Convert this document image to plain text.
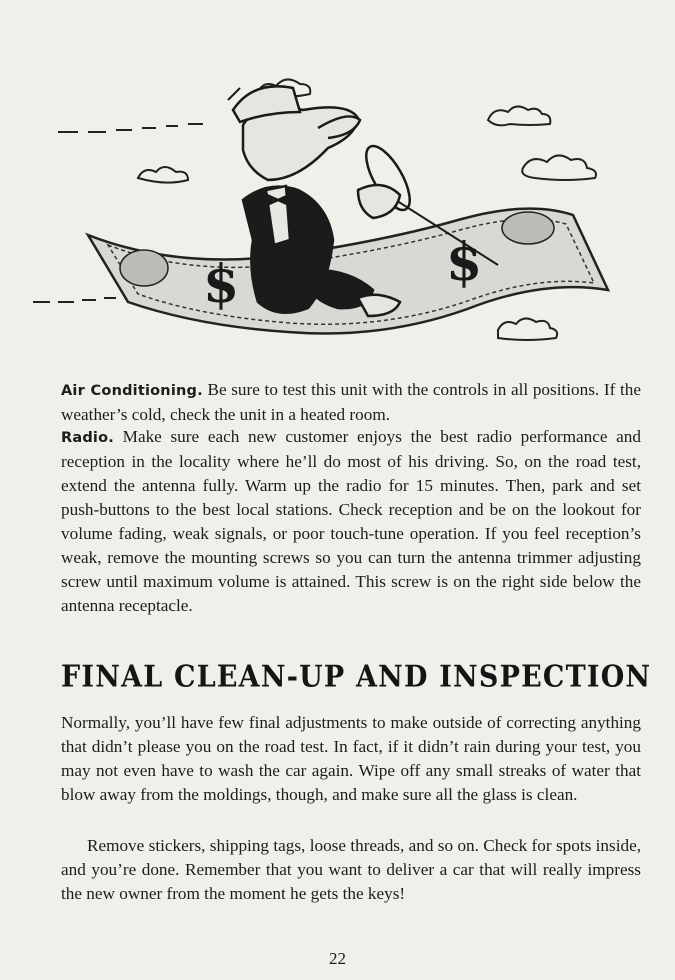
$	$
Air Conditioning. Be sure to test this unit with the controls in all positions. If the weather’s cold, check the unit in a heated room.
Radio. Make sure each new customer enjoys the best radio performance and reception in the locality where he’ll do most of his driving. So, on the road test, extend the antenna fully. Warm up the radio for 15 minutes. Then, park and set push-buttons to the best local stations. Check reception and be on the lookout for volume fading, weak signals, or poor touch-tune operation. If you feel reception’s weak, remove the mounting screws so you can turn the antenna trimmer adjusting screw until maximum volume is attained. This screw is on the right side below the antenna receptacle.
FINAL CLEAN-UP AND INSPECTION
Normally, you’ll have few final adjustments to make outside of correcting anything that didn’t please you on the road test. In fact, if it didn’t rain during your test, you may not even have to wash the car again. Wipe off any small streaks of water that blow away from the moldings, though, and make sure all the glass is clean.
Remove stickers, shipping tags, loose threads, and so on. Check for spots inside, and you’re done. Remember that you want to deliver a car that will really impress the new owner from the moment he gets the keys!
22
